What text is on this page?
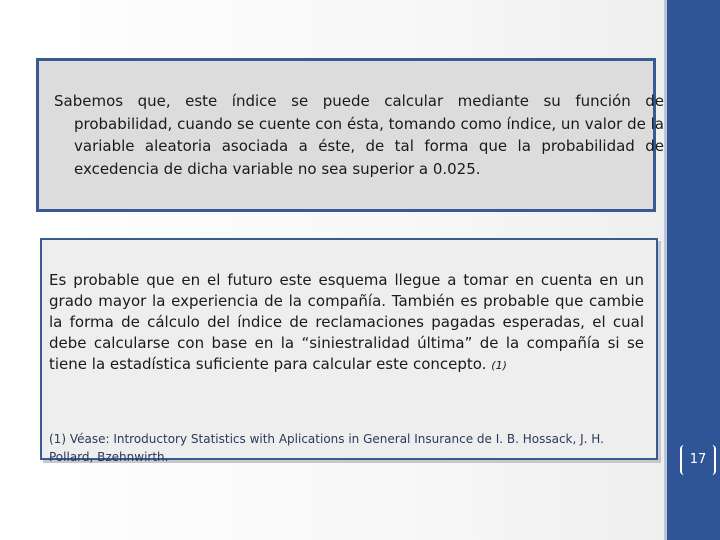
Sabemos que, este índice se puede calcular mediante su función de probabilidad, cuando se cuente con ésta, tomando como índice, un valor de la variable aleatoria asociada a éste, de tal forma que la probabilidad de excedencia de dicha variable no sea superior a 0.025.
Es probable que en el futuro este esquema llegue a tomar en cuenta en un grado mayor la experiencia de la compañía. También es probable que cambie la forma de cálculo del índice de reclamaciones pagadas esperadas, el cual debe calcularse con base en la “siniestralidad última” de la compañía si se tiene la estadística suficiente para calcular este concepto. (1)
(1) Véase: Introductory Statistics with Aplications in General Insurance de I. B. Hossack, J. H. Pollard, Bzehnwirth.	17
